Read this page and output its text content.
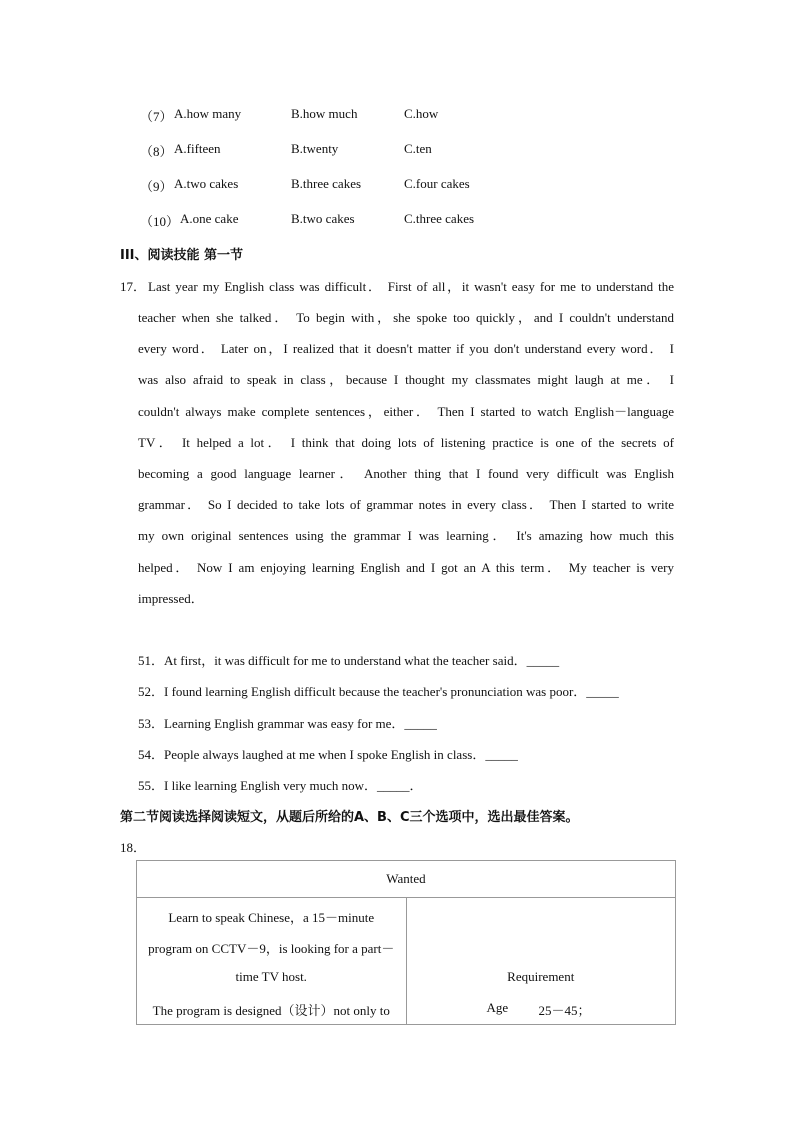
（7） A.how many	B.how much	C.how
（8） A.fifteen	B.twenty	C.ten
（9） A.two cakes	B.three cakes	C.four cakes
（10） A.one cake	B.two cakes	C.three cakes
III、阅读技能 第一节
17． Last year my English class was difficult． First of all，it wasn't easy for me to understand the
teacher when she talked． To begin with，she spoke too quickly，and I couldn't understand
every word． Later on，I realized that it doesn't matter if you don't understand every word． I
was also afraid to speak in class，because I thought my classmates might laugh at me． I
couldn't always make complete sentences，either． Then I started to watch English－language
TV． It helped a lot． I think that doing lots of listening practice is one of the secrets of
becoming a good language learner． Another thing that I found very difficult was English
grammar． So I decided to take lots of grammar notes in every class． Then I started to write
my own original sentences using the grammar I was learning． It's amazing how much this
helped． Now I am enjoying learning English and I got an A this term． My teacher is very
impressed．
51．At first，it was difficult for me to understand what the teacher said．_____
52．I found learning English difficult because the teacher's pronunciation was poor．_____
53．Learning English grammar was easy for me．_____
54．People always laughed at me when I spoke English in class．_____
55．I like learning English very much now．_____．
第二节阅读选择阅读短文，从题后所给的A、B、C三个选项中，选出最佳答案。
18．
Wanted

Learn to speak Chinese，a 15－minute
program on CCTV－9，is looking for a part－
time TV host.
The program is designed（设计）not only to

Requirement
Age 25－45；
